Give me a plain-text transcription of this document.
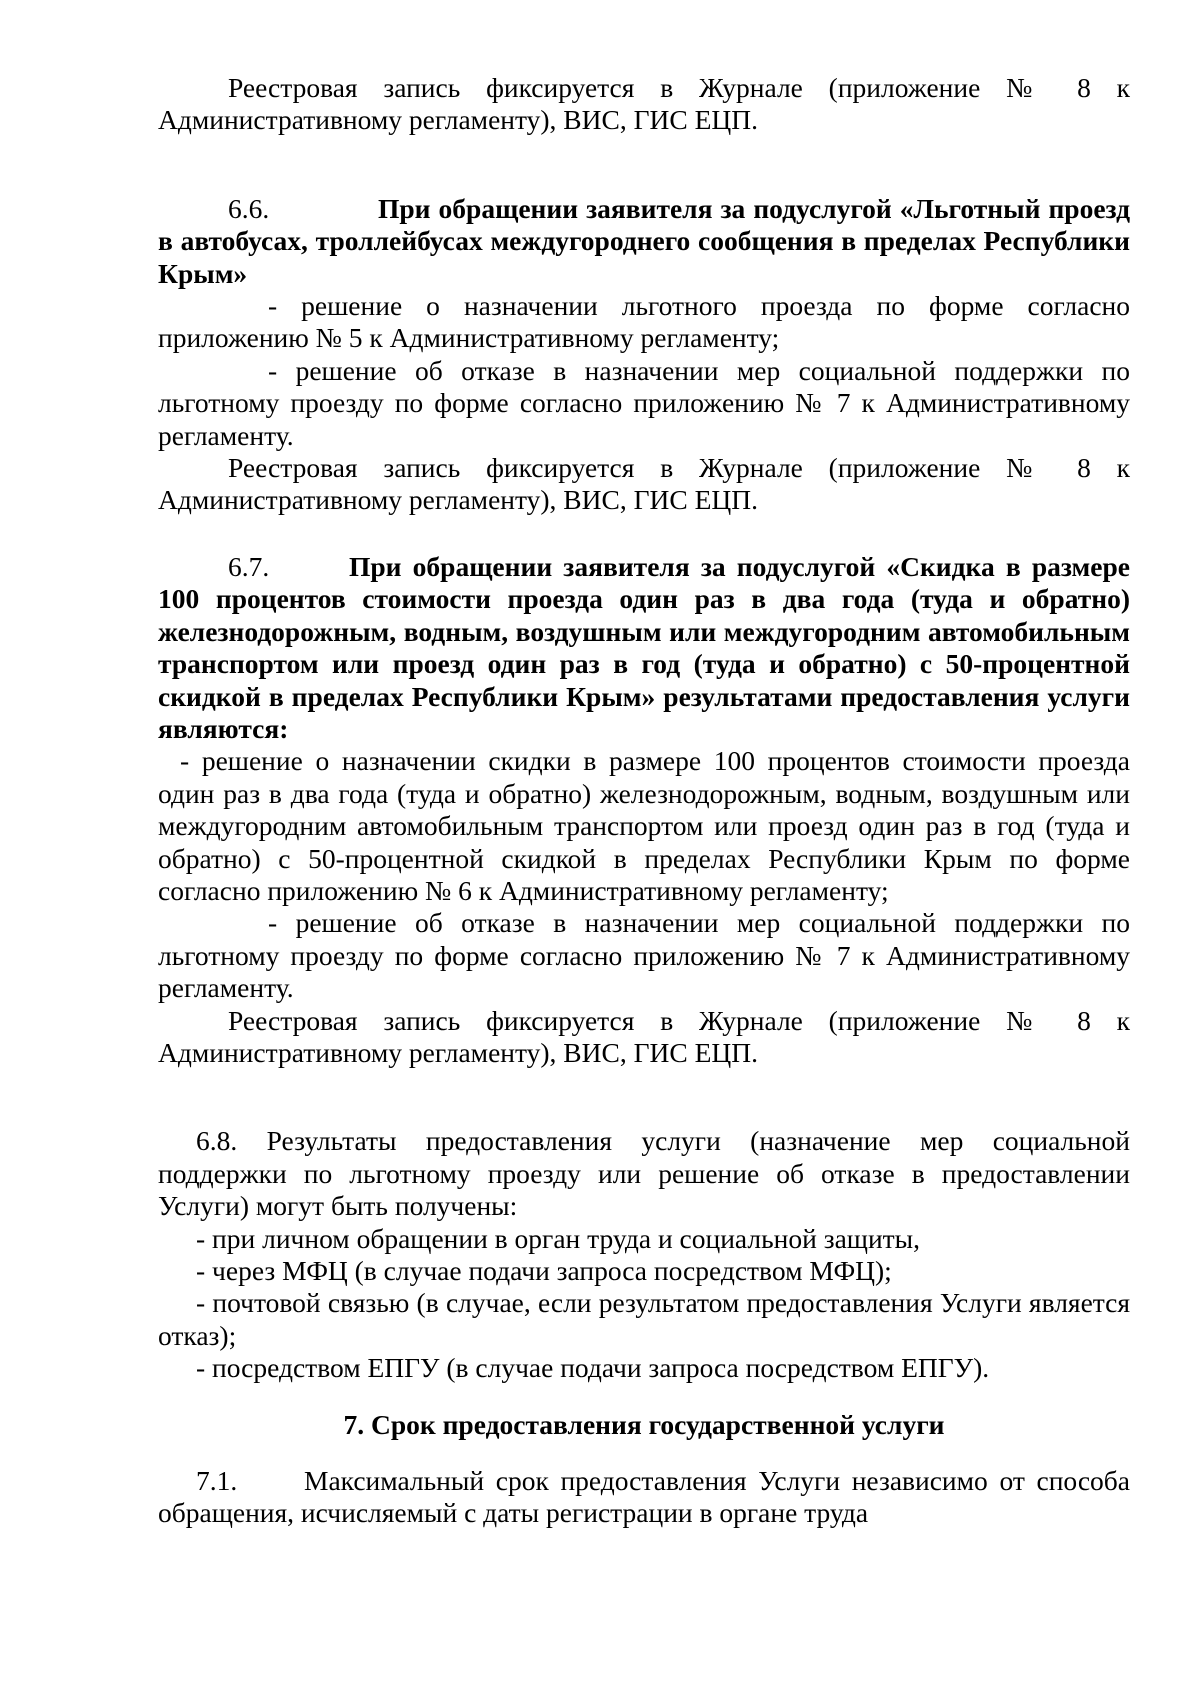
Реестровая запись фиксируется в Журнале (приложение № 8 к Административному регламенту), ВИС, ГИС ЕЦП.

6.6.	При обращении заявителя за подуслугой «Льготный проезд в автобусах, троллейбусах междугороднего сообщения в пределах Республики Крым»

- решение о назначении льготного проезда по форме согласно приложению № 5 к Административному регламенту;

- решение об отказе в назначении мер социальной поддержки по льготному проезду по форме согласно приложению № 7 к Административному регламенту.

Реестровая запись фиксируется в Журнале (приложение № 8 к Административному регламенту), ВИС, ГИС ЕЦП.

6.7.	При обращении заявителя за подуслугой «Скидка в размере 100 процентов стоимости проезда один раз в два года (туда и обратно) железнодорожным, водным, воздушным или междугородним автомобильным транспортом или проезд один раз в год (туда и обратно) с 50-процентной скидкой в пределах Республики Крым» результатами предоставления услуги являются:

- решение о назначении скидки в размере 100 процентов стоимости проезда один раз в два года (туда и обратно) железнодорожным, водным, воздушным или междугородним автомобильным транспортом или проезд один раз в год (туда и обратно) с 50-процентной скидкой в пределах Республики Крым по форме согласно приложению № 6 к Административному регламенту;

- решение об отказе в назначении мер социальной поддержки по льготному проезду по форме согласно приложению № 7 к Административному регламенту.

Реестровая запись фиксируется в Журнале (приложение № 8 к Административному регламенту), ВИС, ГИС ЕЦП.

6.8. Результаты предоставления услуги (назначение мер социальной поддержки по льготному проезду или решение об отказе в предоставлении Услуги) могут быть получены:

- при личном обращении в орган труда и социальной защиты,

- через МФЦ (в случае подачи запроса посредством МФЦ);

- почтовой связью (в случае, если результатом предоставления Услуги является отказ);

- посредством ЕПГУ (в случае подачи запроса посредством ЕПГУ).

7. Срок предоставления государственной услуги

7.1. Максимальный срок предоставления Услуги независимо от способа обращения, исчисляемый с даты регистрации в органе труда
